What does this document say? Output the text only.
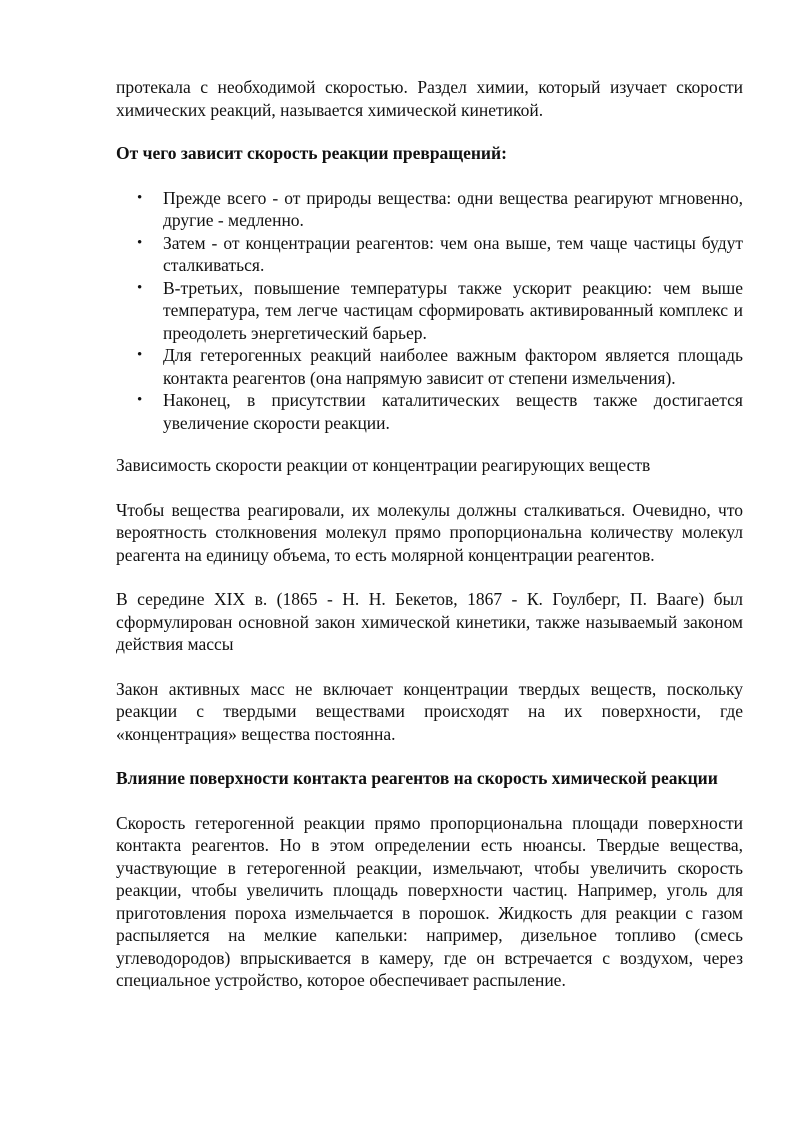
протекала с необходимой скоростью. Раздел химии, который изучает скорости химических реакций, называется химической кинетикой.

От чего зависит скорость реакции превращений:
• Прежде всего - от природы вещества: одни вещества реагируют мгновенно, другие - медленно.
• Затем - от концентрации реагентов: чем она выше, тем чаще частицы будут сталкиваться.
• В-третьих, повышение температуры также ускорит реакцию: чем выше температура, тем легче частицам сформировать активированный комплекс и преодолеть энергетический барьер.
• Для гетерогенных реакций наиболее важным фактором является площадь контакта реагентов (она напрямую зависит от степени измельчения).
• Наконец, в присутствии каталитических веществ также достигается увеличение скорости реакции.

Зависимость скорости реакции от концентрации реагирующих веществ

Чтобы вещества реагировали, их молекулы должны сталкиваться. Очевидно, что вероятность столкновения молекул прямо пропорциональна количеству молекул реагента на единицу объема, то есть молярной концентрации реагентов.

В середине XIX в. (1865 - Н. Н. Бекетов, 1867 - К. Гоулберг, П. Вааге) был сформулирован основной закон химической кинетики, также называемый законом действия массы

Закон активных масс не включает концентрации твердых веществ, поскольку реакции с твердыми веществами происходят на их поверхности, где «концентрация» вещества постоянна.

Влияние поверхности контакта реагентов на скорость химической реакции

Скорость гетерогенной реакции прямо пропорциональна площади поверхности контакта реагентов. Но в этом определении есть нюансы. Твердые вещества, участвующие в гетерогенной реакции, измельчают, чтобы увеличить скорость реакции, чтобы увеличить площадь поверхности частиц. Например, уголь для приготовления пороха измельчается в порошок. Жидкость для реакции с газом распыляется на мелкие капельки: например, дизельное топливо (смесь углеводородов) впрыскивается в камеру, где он встречается с воздухом, через специальное устройство, которое обеспечивает распыление.
